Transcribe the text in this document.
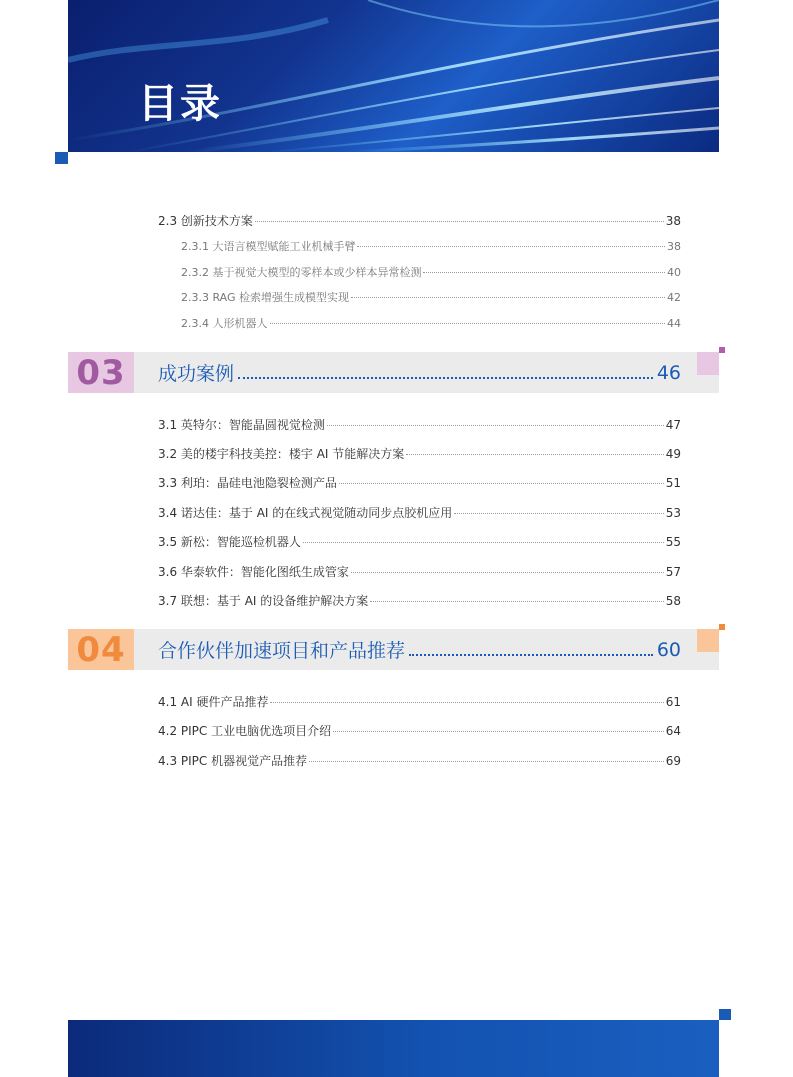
目录
2.3 创新技术方案	38
2.3.1 大语言模型赋能工业机械手臂	38
2.3.2 基于视觉大模型的零样本或少样本异常检测	40
2.3.3 RAG 检索增强生成模型实现	42
2.3.4 人形机器人	44
03	成功案例	46
3.1 英特尔：智能晶圆视觉检测	47
3.2 美的楼宇科技美控：楼宇 AI 节能解决方案	49
3.3 利珀：晶硅电池隐裂检测产品	51
3.4 诺达佳：基于 AI 的在线式视觉随动同步点胶机应用	53
3.5 新松：智能巡检机器人	55
3.6 华泰软件：智能化图纸生成管家	57
3.7 联想：基于 AI 的设备维护解决方案	58
04	合作伙伴加速项目和产品推荐	60
4.1 AI 硬件产品推荐	61
4.2 PIPC 工业电脑优选项目介绍	64
4.3 PIPC 机器视觉产品推荐	69
